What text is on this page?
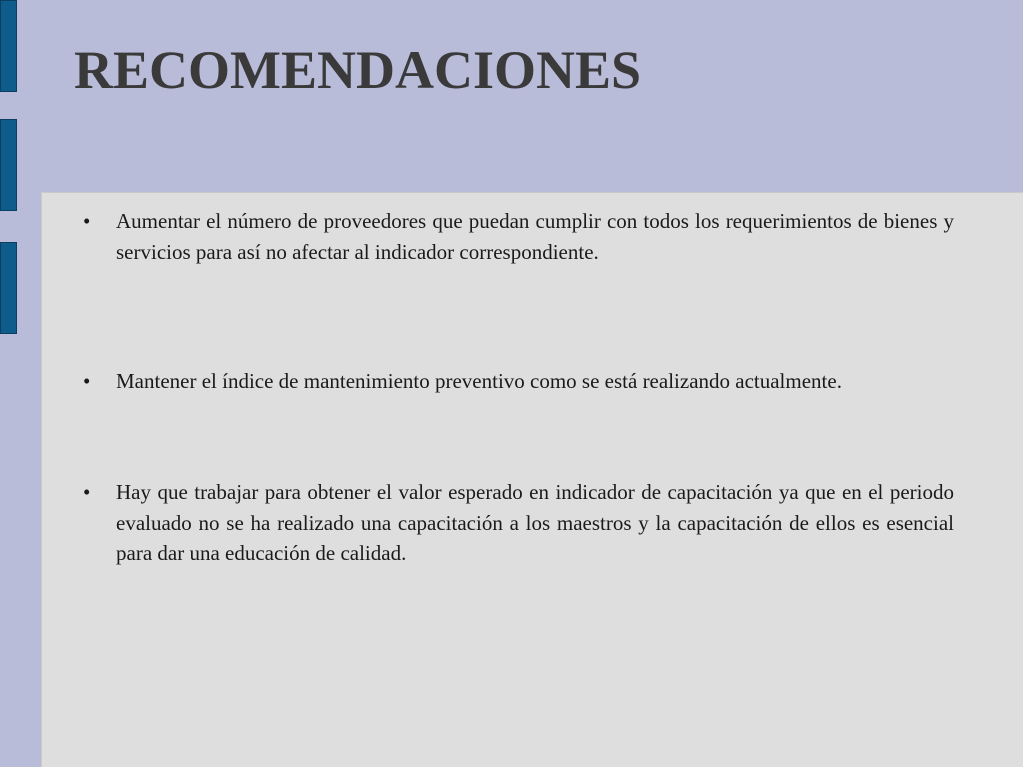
RECOMENDACIONES
• Aumentar el número de proveedores que puedan cumplir con todos los requerimientos de bienes y servicios para así no afectar al indicador correspondiente.
• Mantener el índice de mantenimiento preventivo como se está realizando actualmente.
• Hay que trabajar para obtener el valor esperado en indicador de capacitación ya que en el periodo evaluado no se ha realizado una capacitación a los maestros y la capacitación de ellos es esencial para dar una educación de calidad.
